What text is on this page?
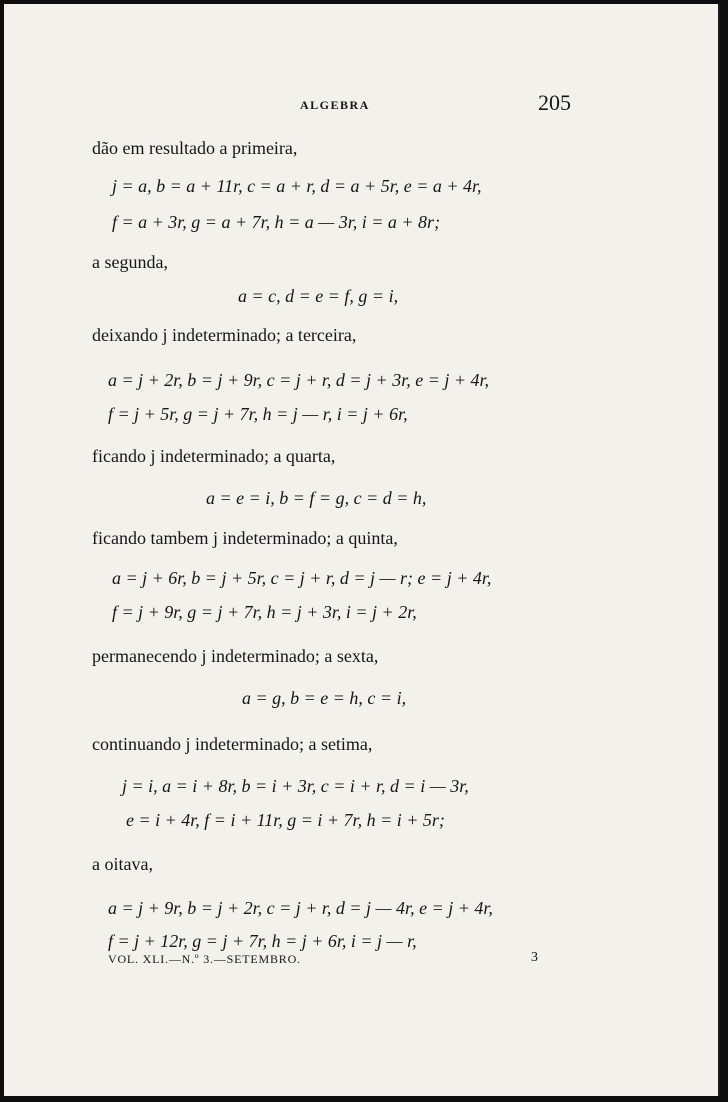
ALGEBRA	205
dão em resultado a primeira,
j = a, b = a + 11r, c = a + r, d = a + 5r, e = a + 4r,
f = a + 3r, g = a + 7r, h = a — 3r, i = a + 8r;
a segunda,
a = c, d = e = f, g = i,
deixando j indeterminado; a terceira,
a = j + 2r, b = j + 9r, c = j + r, d = j + 3r, e = j + 4r,
f = j + 5r, g = j + 7r, h = j — r, i = j + 6r,
ficando j indeterminado; a quarta,
a = e = i, b = f = g, c = d = h,
ficando tambem j indeterminado; a quinta,
a = j + 6r, b = j + 5r, c = j + r, d = j — r; e = j + 4r,
f = j + 9r, g = j + 7r, h = j + 3r, i = j + 2r,
permanecendo j indeterminado; a sexta,
a = g, b = e = h, c = i,
continuando j indeterminado; a setima,
j = i, a = i + 8r, b = i + 3r, c = i + r, d = i — 3r,
e = i + 4r, f = i + 11r, g = i + 7r, h = i + 5r;
a oitava,
a = j + 9r, b = j + 2r, c = j + r, d = j — 4r, e = j + 4r,
f = j + 12r, g = j + 7r, h = j + 6r, i = j — r,
VOL. XLI.—N.º 3.—SETEMBRO.	3
